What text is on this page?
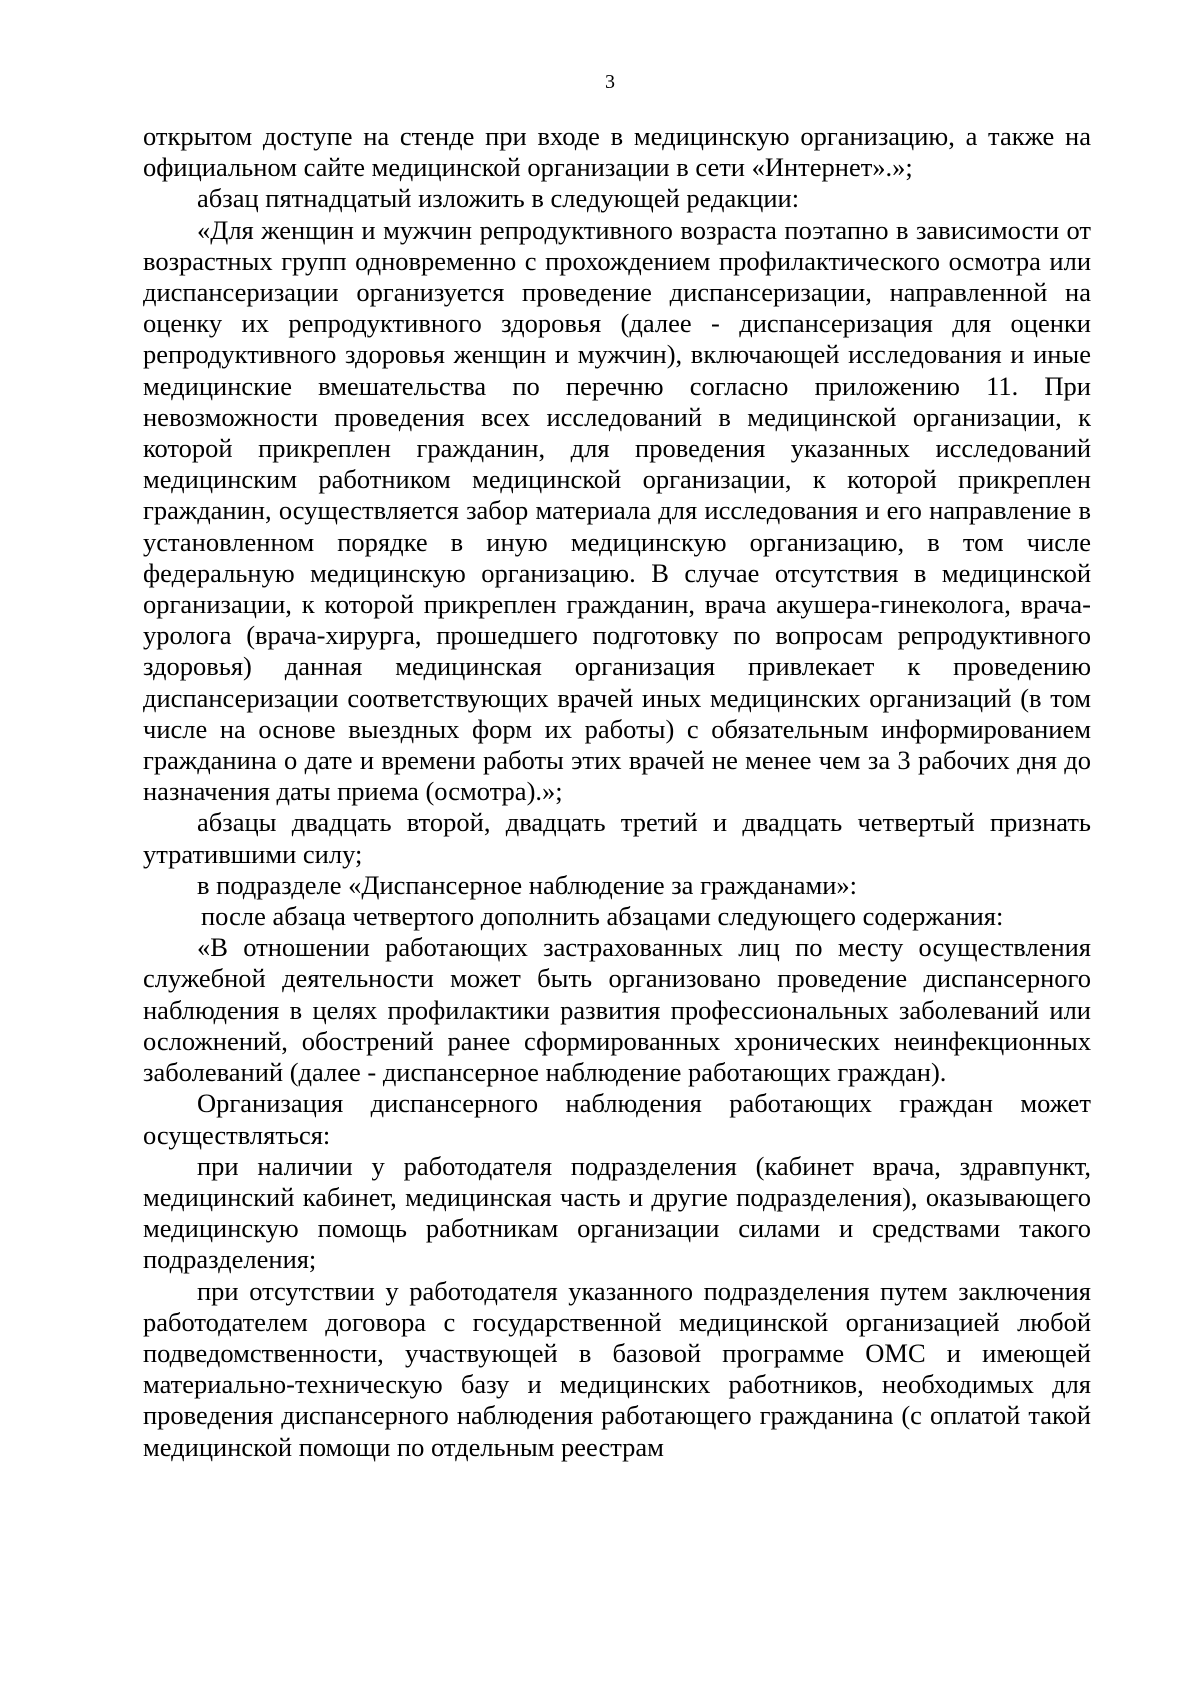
3

открытом доступе на стенде при входе в медицинскую организацию, а также на официальном сайте медицинской организации в сети «Интернет».»;

абзац пятнадцатый изложить в следующей редакции:

«Для женщин и мужчин репродуктивного возраста поэтапно в зависимости от возрастных групп одновременно с прохождением профилактического осмотра или диспансеризации организуется проведение диспансеризации, направленной на оценку их репродуктивного здоровья (далее - диспансеризация для оценки репродуктивного здоровья женщин и мужчин), включающей исследования и иные медицинские вмешательства по перечню согласно приложению 11. При невозможности проведения всех исследований в медицинской организации, к которой прикреплен гражданин, для проведения указанных исследований медицинским работником медицинской организации, к которой прикреплен гражданин, осуществляется забор материала для исследования и его направление в установленном порядке в иную медицинскую организацию, в том числе федеральную медицинскую организацию. В случае отсутствия в медицинской организации, к которой прикреплен гражданин, врача акушера-гинеколога, врача-уролога (врача-хирурга, прошедшего подготовку по вопросам репродуктивного здоровья) данная медицинская организация привлекает к проведению диспансеризации соответствующих врачей иных медицинских организаций (в том числе на основе выездных форм их работы) с обязательным информированием гражданина о дате и времени работы этих врачей не менее чем за 3 рабочих дня до назначения даты приема (осмотра).»;

абзацы двадцать второй, двадцать третий и двадцать четвертый признать утратившими силу;

в подразделе «Диспансерное наблюдение за гражданами»:

после абзаца четвертого дополнить абзацами следующего содержания:

«В отношении работающих застрахованных лиц по месту осуществления служебной деятельности может быть организовано проведение диспансерного наблюдения в целях профилактики развития профессиональных заболеваний или осложнений, обострений ранее сформированных хронических неинфекционных заболеваний (далее - диспансерное наблюдение работающих граждан).

Организация диспансерного наблюдения работающих граждан может осуществляться:

при наличии у работодателя подразделения (кабинет врача, здравпункт, медицинский кабинет, медицинская часть и другие подразделения), оказывающего медицинскую помощь работникам организации силами и средствами такого подразделения;

при отсутствии у работодателя указанного подразделения путем заключения работодателем договора с государственной медицинской организацией любой подведомственности, участвующей в базовой программе ОМС и имеющей материально-техническую базу и медицинских работников, необходимых для проведения диспансерного наблюдения работающего гражданина (с оплатой такой медицинской помощи по отдельным реестрам
